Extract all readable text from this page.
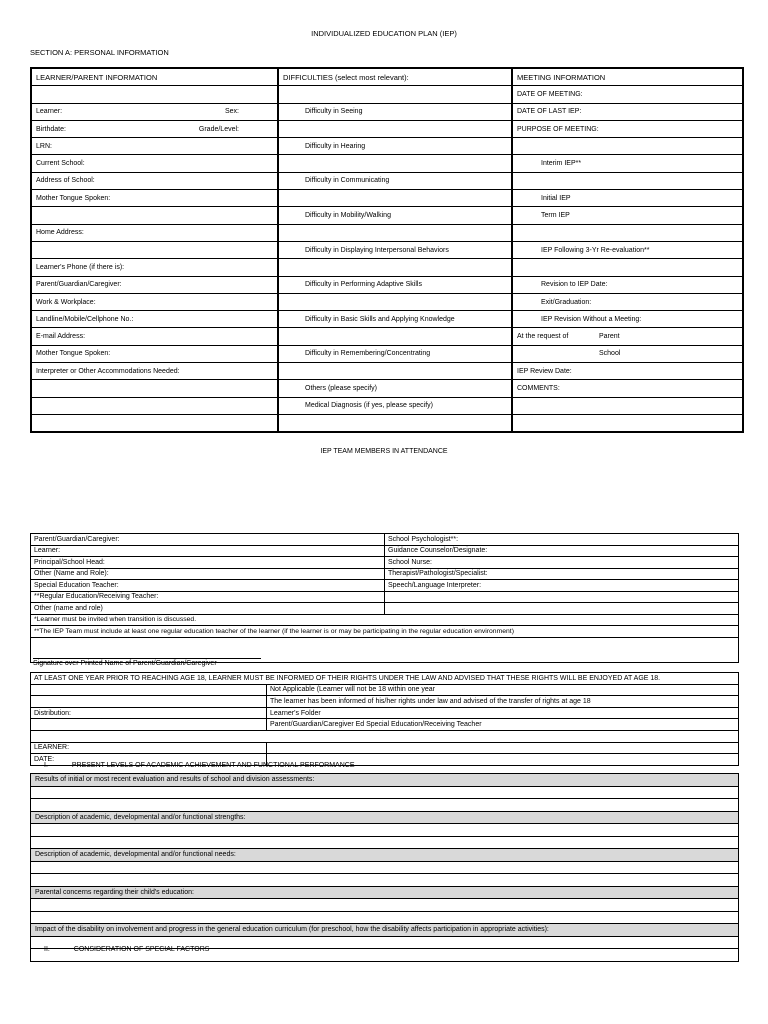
INDIVIDUALIZED EDUCATION PLAN (IEP)
SECTION A: PERSONAL INFORMATION
LEARNER/PARENT INFORMATION	DIFFICULTIES (select most relevant):	MEETING INFORMATION
		DATE OF MEETING:

Learner: Sex:	Difficulty in Seeing	DATE OF LAST IEP:

Birthdate: Grade/Level:		PURPOSE OF MEETING:
LRN:	Difficulty in Hearing	
Current School:		Interim IEP**
Address of School:	Difficulty in Communicating	
Mother Tongue Spoken:		Initial IEP
	Difficulty in Mobility/Walking	Term IEP
Home Address:		
	Difficulty in Displaying Interpersonal Behaviors	IEP Following 3-Yr Re-evaluation**
Learner's Phone (if there is):		
Parent/Guardian/Caregiver:	Difficulty in Performing Adaptive Skills	Revision to IEP Date:
Work & Workplace:		Exit/Graduation:
Landline/Mobile/Cellphone No.:	Difficulty in Basic Skills and Applying Knowledge	IEP Revision Without a Meeting:
E-mail Address:		At the request of Parent

Mother Tongue Spoken:	Difficulty in Remembering/Concentrating	School

Interpreter or Other Accommodations Needed:		IEP Review Date:
	Others (please specify)	COMMENTS:
	Medical Diagnosis (if yes, please specify)	

IEP TEAM MEMBERS IN ATTENDANCE
Parent/Guardian/Caregiver:	School Psychologist**:
Learner:	Guidance Counselor/Designate:
Principal/School Head:	School Nurse:
Other (Name and Role):	Therapist/Pathologist/Specialist:
Special Education Teacher:	Speech/Language Interpreter:
**Regular Education/Receiving Teacher:	
Other (name and role)	
*Learner must be invited when transition is discussed.	
**The IEP Team must include at least one regular education teacher of the learner (if the learner is or may be participating in the regular education environment)	

Signature over Printed Name of Parent/Guardian/Caregiver
AT LEAST ONE YEAR PRIOR TO REACHING AGE 18, LEARNER MUST BE INFORMED OF THEIR RIGHTS UNDER THE LAW AND ADVISED THAT THESE RIGHTS WILL BE ENJOYED AT AGE 18.	
	Not Applicable (Learner will not be 18 within one year
	The learner has been informed of his/her rights under law and advised of the transfer of rights at age 18
Distribution:	Learner's Folder
	Parent/Guardian/Caregiver Ed Special Education/Receiving Teacher

LEARNER:	
DATE:	
I.	PRESENT LEVELS OF ACADEMIC ACHIEVEMENT AND FUNCTIONAL PERFORMANCE
Results of initial or most recent evaluation and results of school and division assessments:

Description of academic, developmental and/or functional strengths:

Description of academic, developmental and/or functional needs:

Parental concerns regarding their child's education:

Impact of the disability on involvement and progress in the general education curriculum (for preschool, how the disability affects participation in appropriate activities):

II.	CONSIDERATION OF SPECIAL FACTORS
